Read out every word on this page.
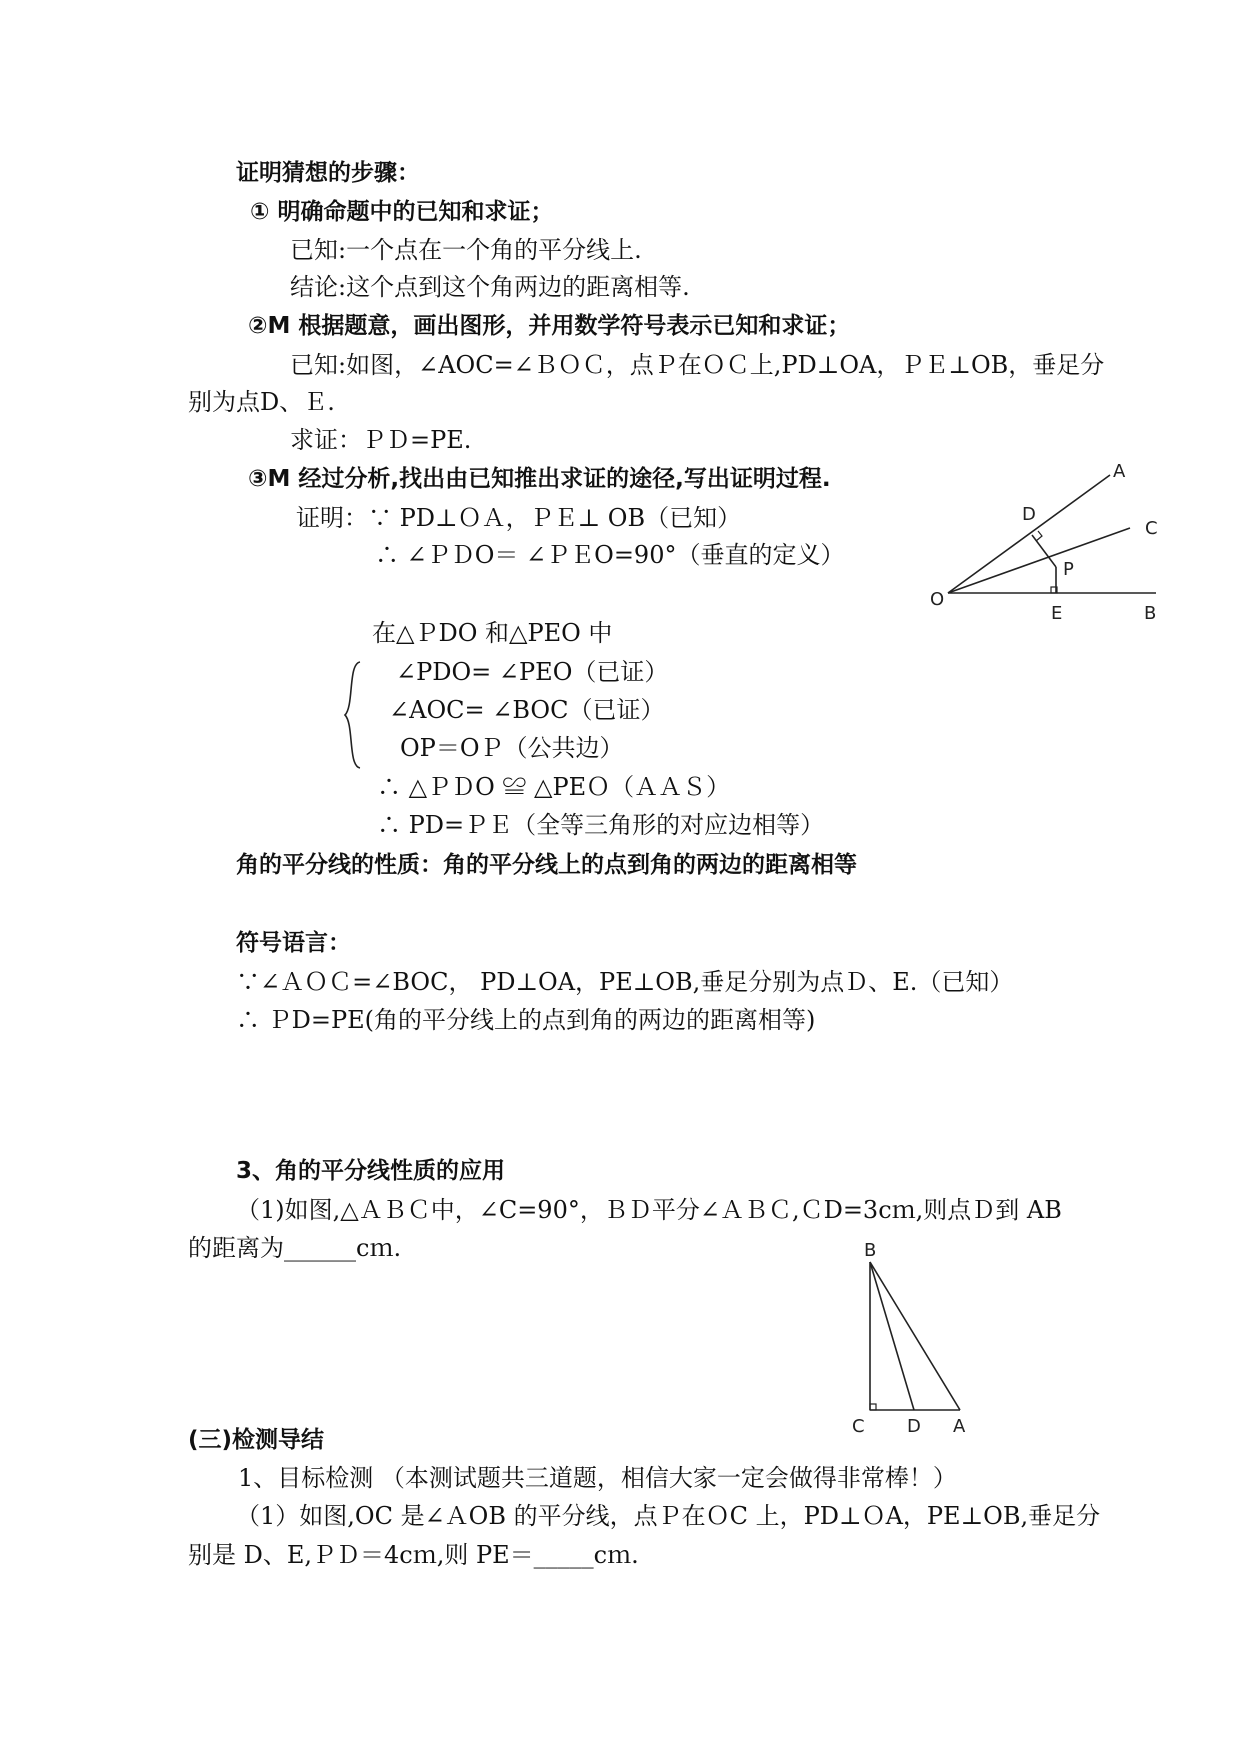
证明猜想的步骤：
① 明确命题中的已知和求证；
已知:一个点在一个角的平分线上.
结论:这个点到这个角两边的距离相等.
②M 根据题意，画出图形，并用数学符号表示已知和求证；
已知:如图，∠AOC=∠ＢＯＣ，点Ｐ在ＯＣ上,PD⊥OA，ＰＥ⊥OB，垂足分
别为点D、Ｅ.
求证：ＰＤ=PE.
③M 经过分析,找出由已知推出求证的途径,写出证明过程.
证明：∵ PD⊥ＯＡ，ＰＥ⊥ OB（已知）
∴ ∠ＰＤO＝ ∠ＰＥO=90°（垂直的定义）
A
C
D
P
O
E	B
在△ＰDO 和△PEO 中
∠PDO= ∠PEO（已证）
∠AOC= ∠BOC（已证）
OP＝OＰ（公共边）
∴ △ＰＤO ≌ △PEＯ（ＡＡＳ）
∴ PD=ＰＥ（全等三角形的对应边相等）
角的平分线的性质：角的平分线上的点到角的两边的距离相等
符号语言：
∵∠ＡＯＣ=∠BOC， PD⊥OA，PE⊥OB,垂足分别为点Ｄ、E.（已知）
∴ ＰD=PE(角的平分线上的点到角的两边的距离相等)
3、角的平分线性质的应用
（1)如图,△ＡＢＣ中，∠C=90°，ＢＤ平分∠ＡＢＣ,ＣD=3cｍ,则点Ｄ到 AB
的距离为______cｍ.	B
C D A
(三)检测导结
1、目标检测 （本测试题共三道题，相信大家一定会做得非常棒！）
（1）如图,OC 是∠ＡOB 的平分线，点Ｐ在ＯC 上，PD⊥ＯA，PE⊥OB,垂足分
别是 D、E,ＰＤ＝4cｍ,则 PE＝_____cｍ.
